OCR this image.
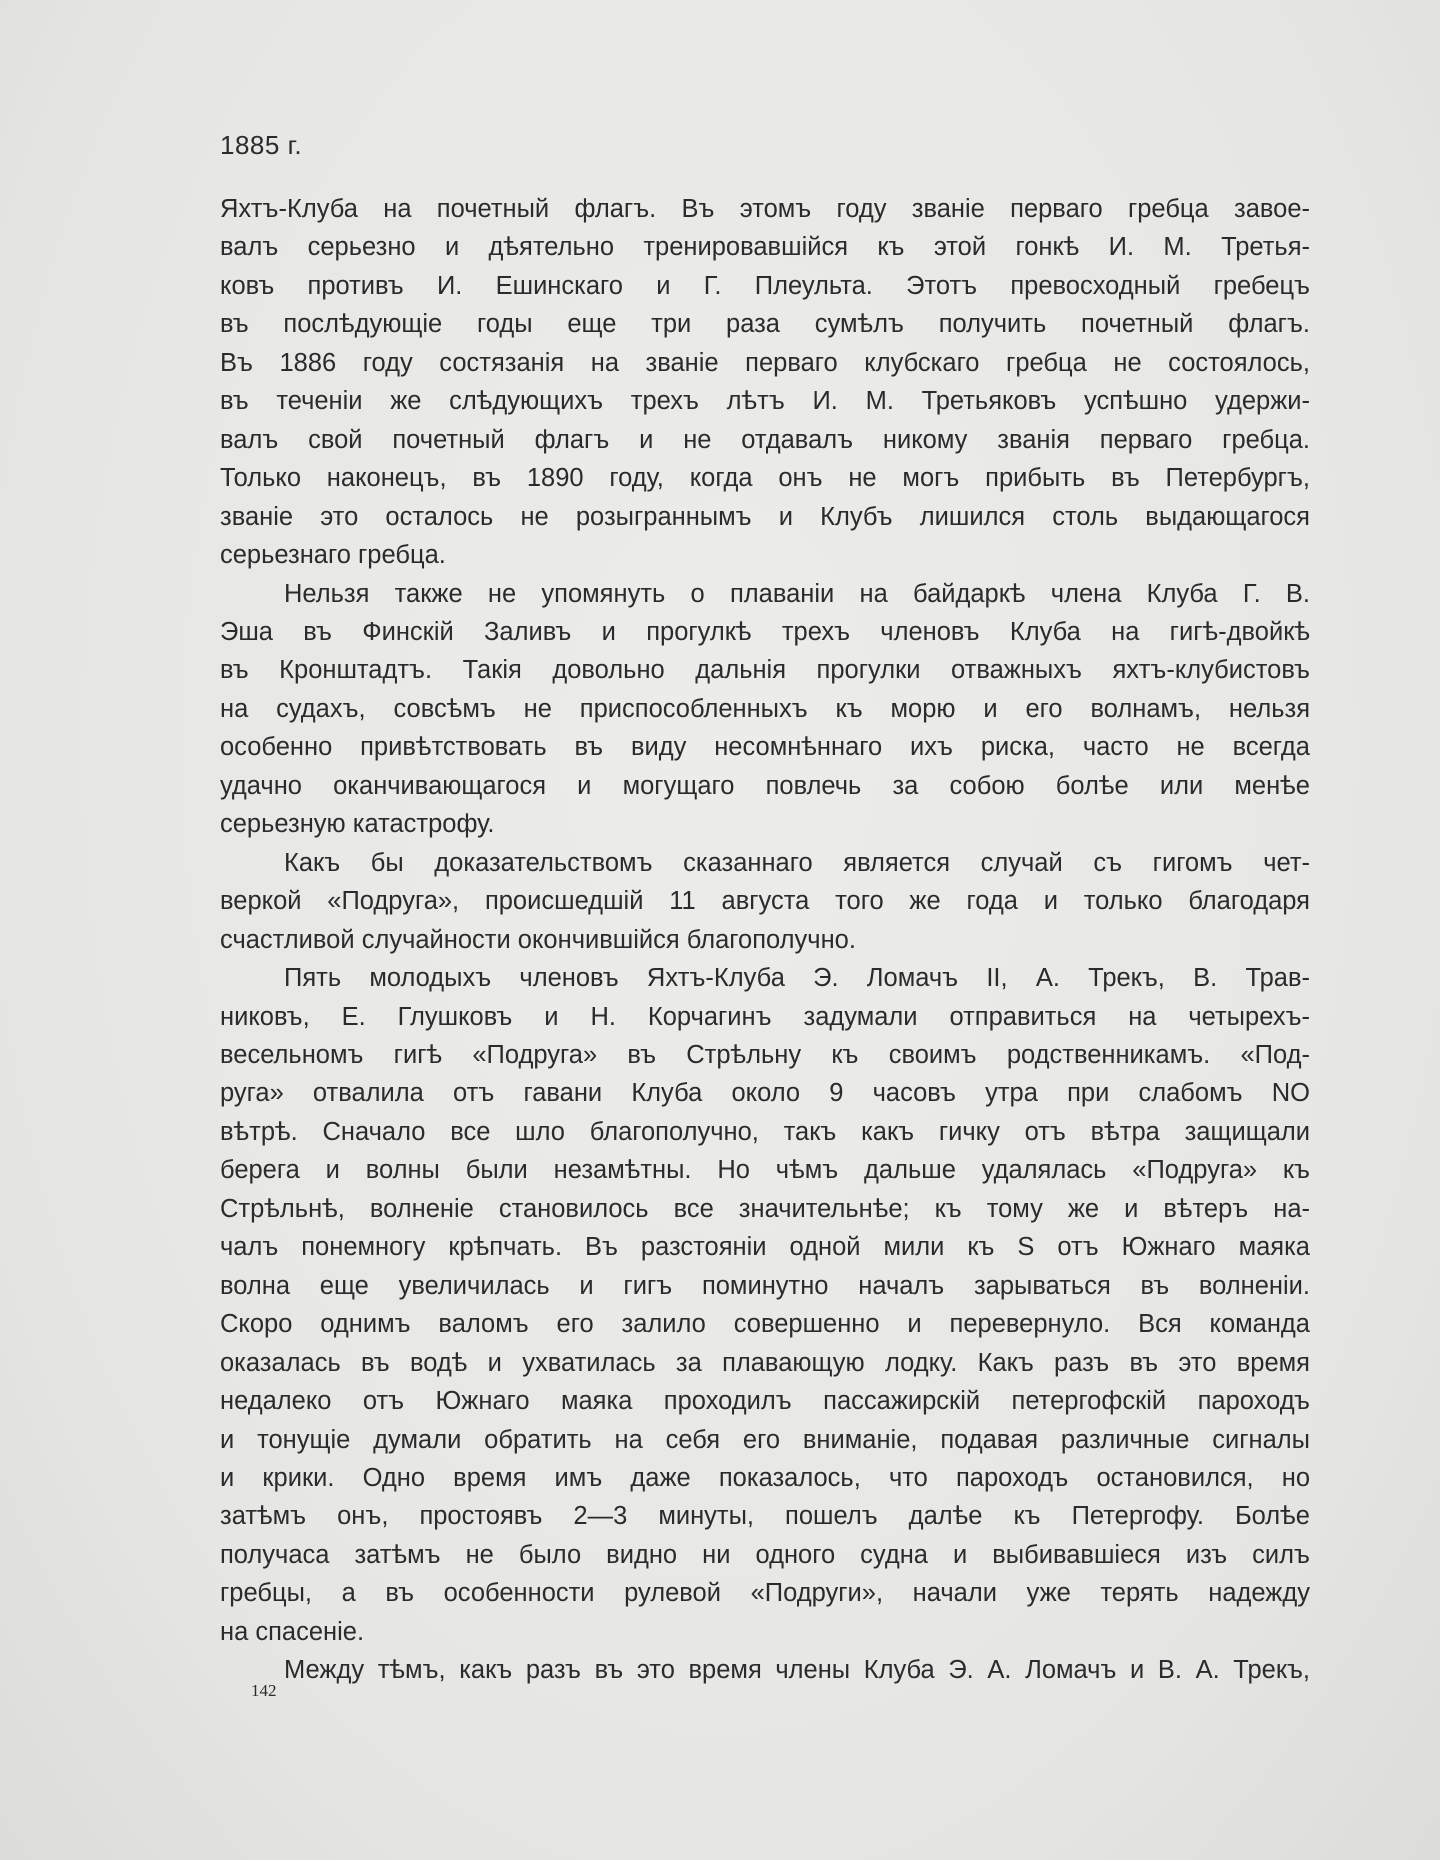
1885 г.
Яхтъ-Клуба на почетный флагъ. Въ этомъ году званіе перваго гребца завое-
валъ серьезно и дѣятельно тренировавшійся къ этой гонкѣ И. М. Третья-
ковъ противъ И. Ешинскаго и Г. Плеульта. Этотъ превосходный гребецъ
въ послѣдующіе годы еще три раза сумѣлъ получить почетный флагъ.
Въ 1886 году состязанія на званіе перваго клубскаго гребца не состоялось,
въ теченіи же слѣдующихъ трехъ лѣтъ И. М. Третьяковъ успѣшно удержи-
валъ свой почетный флагъ и не отдавалъ никому званія перваго гребца.
Только наконецъ, въ 1890 году, когда онъ не могъ прибыть въ Петербургъ,
званіе это осталось не розыграннымъ и Клубъ лишился столь выдающагося
серьезнаго гребца.
Нельзя также не упомянуть о плаваніи на байдаркѣ члена Клуба Г. В.
Эша въ Финскій Заливъ и прогулкѣ трехъ членовъ Клуба на гигѣ-двойкѣ
въ Кронштадтъ. Такія довольно дальнія прогулки отважныхъ яхтъ-клубистовъ
на судахъ, совсѣмъ не приспособленныхъ къ морю и его волнамъ, нельзя
особенно привѣтствовать въ виду несомнѣннаго ихъ риска, часто не всегда
удачно оканчивающагося и могущаго повлечь за собою болѣе или менѣе
серьезную катастрофу.
Какъ бы доказательствомъ сказаннаго является случай съ гигомъ чет-
веркой «Подруга», происшедшій 11 августа того же года и только благодаря
счастливой случайности окончившійся благополучно.
Пять молодыхъ членовъ Яхтъ-Клуба Э. Ломачъ II, А. Трекъ, В. Трав-
никовъ, Е. Глушковъ и Н. Корчагинъ задумали отправиться на четырехъ-
весельномъ гигѣ «Подруга» въ Стрѣльну къ своимъ родственникамъ. «Под-
руга» отвалила отъ гавани Клуба около 9 часовъ утра при слабомъ NO
вѣтрѣ. Сначало все шло благополучно, такъ какъ гичку отъ вѣтра защищали
берега и волны были незамѣтны. Но чѣмъ дальше удалялась «Подруга» къ
Стрѣльнѣ, волненіе становилось все значительнѣе; къ тому же и вѣтеръ на-
чалъ понемногу крѣпчать. Въ разстояніи одной мили къ S отъ Южнаго маяка
волна еще увеличилась и гигъ поминутно началъ зарываться въ волненіи.
Скоро однимъ валомъ его залило совершенно и перевернуло. Вся команда
оказалась въ водѣ и ухватилась за плавающую лодку. Какъ разъ въ это время
недалеко отъ Южнаго маяка проходилъ пассажирскій петергофскій пароходъ
и тонущіе думали обратить на себя его вниманіе, подавая различные сигналы
и крики. Одно время имъ даже показалось, что пароходъ остановился, но
затѣмъ онъ, простоявъ 2—3 минуты, пошелъ далѣе къ Петергофу. Болѣе
получаса затѣмъ не было видно ни одного судна и выбивавшіеся изъ силъ
гребцы, а въ особенности рулевой «Подруги», начали уже терять надежду
на спасеніе.
Между тѣмъ, какъ разъ въ это время члены Клуба Э. А. Ломачъ и В. А. Трекъ,
142
